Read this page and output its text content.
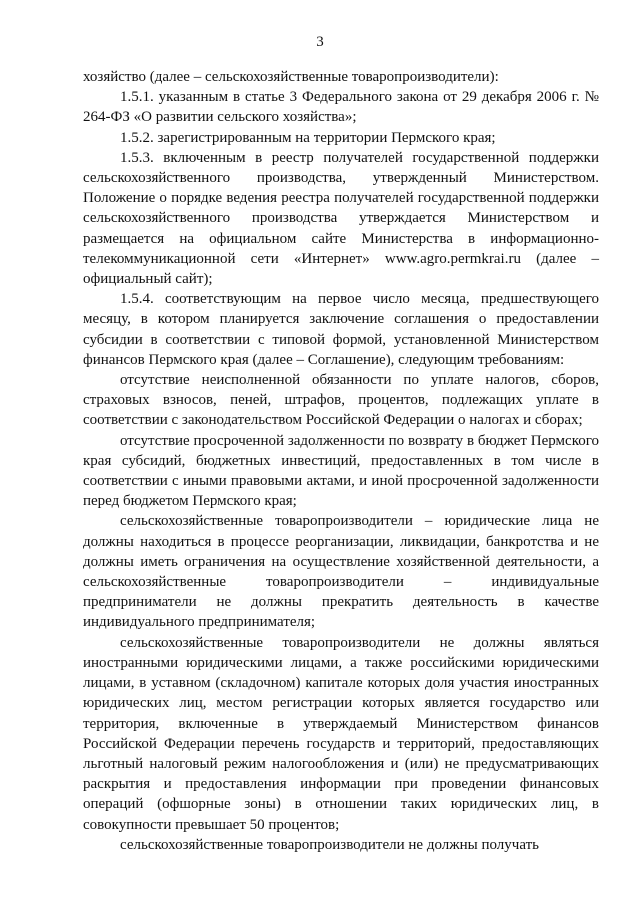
3

хозяйство (далее – сельскохозяйственные товаропроизводители):

1.5.1. указанным в статье 3 Федерального закона от 29 декабря 2006 г. № 264-ФЗ «О развитии сельского хозяйства»;

1.5.2. зарегистрированным на территории Пермского края;

1.5.3. включенным в реестр получателей государственной поддержки сельскохозяйственного производства, утвержденный Министерством. Положение о порядке ведения реестра получателей государственной поддержки сельскохозяйственного производства утверждается Министерством и размещается на официальном сайте Министерства в информационно-телекоммуникационной сети «Интернет» www.agro.permkrai.ru (далее – официальный сайт);

1.5.4. соответствующим на первое число месяца, предшествующего месяцу, в котором планируется заключение соглашения о предоставлении субсидии в соответствии с типовой формой, установленной Министерством финансов Пермского края (далее – Соглашение), следующим требованиям:

отсутствие неисполненной обязанности по уплате налогов, сборов, страховых взносов, пеней, штрафов, процентов, подлежащих уплате в соответствии с законодательством Российской Федерации о налогах и сборах;

отсутствие просроченной задолженности по возврату в бюджет Пермского края субсидий, бюджетных инвестиций, предоставленных в том числе в соответствии с иными правовыми актами, и иной просроченной задолженности перед бюджетом Пермского края;

сельскохозяйственные товаропроизводители – юридические лица не должны находиться в процессе реорганизации, ликвидации, банкротства и не должны иметь ограничения на осуществление хозяйственной деятельности, а сельскохозяйственные товаропроизводители – индивидуальные предприниматели не должны прекратить деятельность в качестве индивидуального предпринимателя;

сельскохозяйственные товаропроизводители не должны являться иностранными юридическими лицами, а также российскими юридическими лицами, в уставном (складочном) капитале которых доля участия иностранных юридических лиц, местом регистрации которых является государство или территория, включенные в утверждаемый Министерством финансов Российской Федерации перечень государств и территорий, предоставляющих льготный налоговый режим налогообложения и (или) не предусматривающих раскрытия и предоставления информации при проведении финансовых операций (офшорные зоны) в отношении таких юридических лиц, в совокупности превышает 50 процентов;

сельскохозяйственные товаропроизводители не должны получать
